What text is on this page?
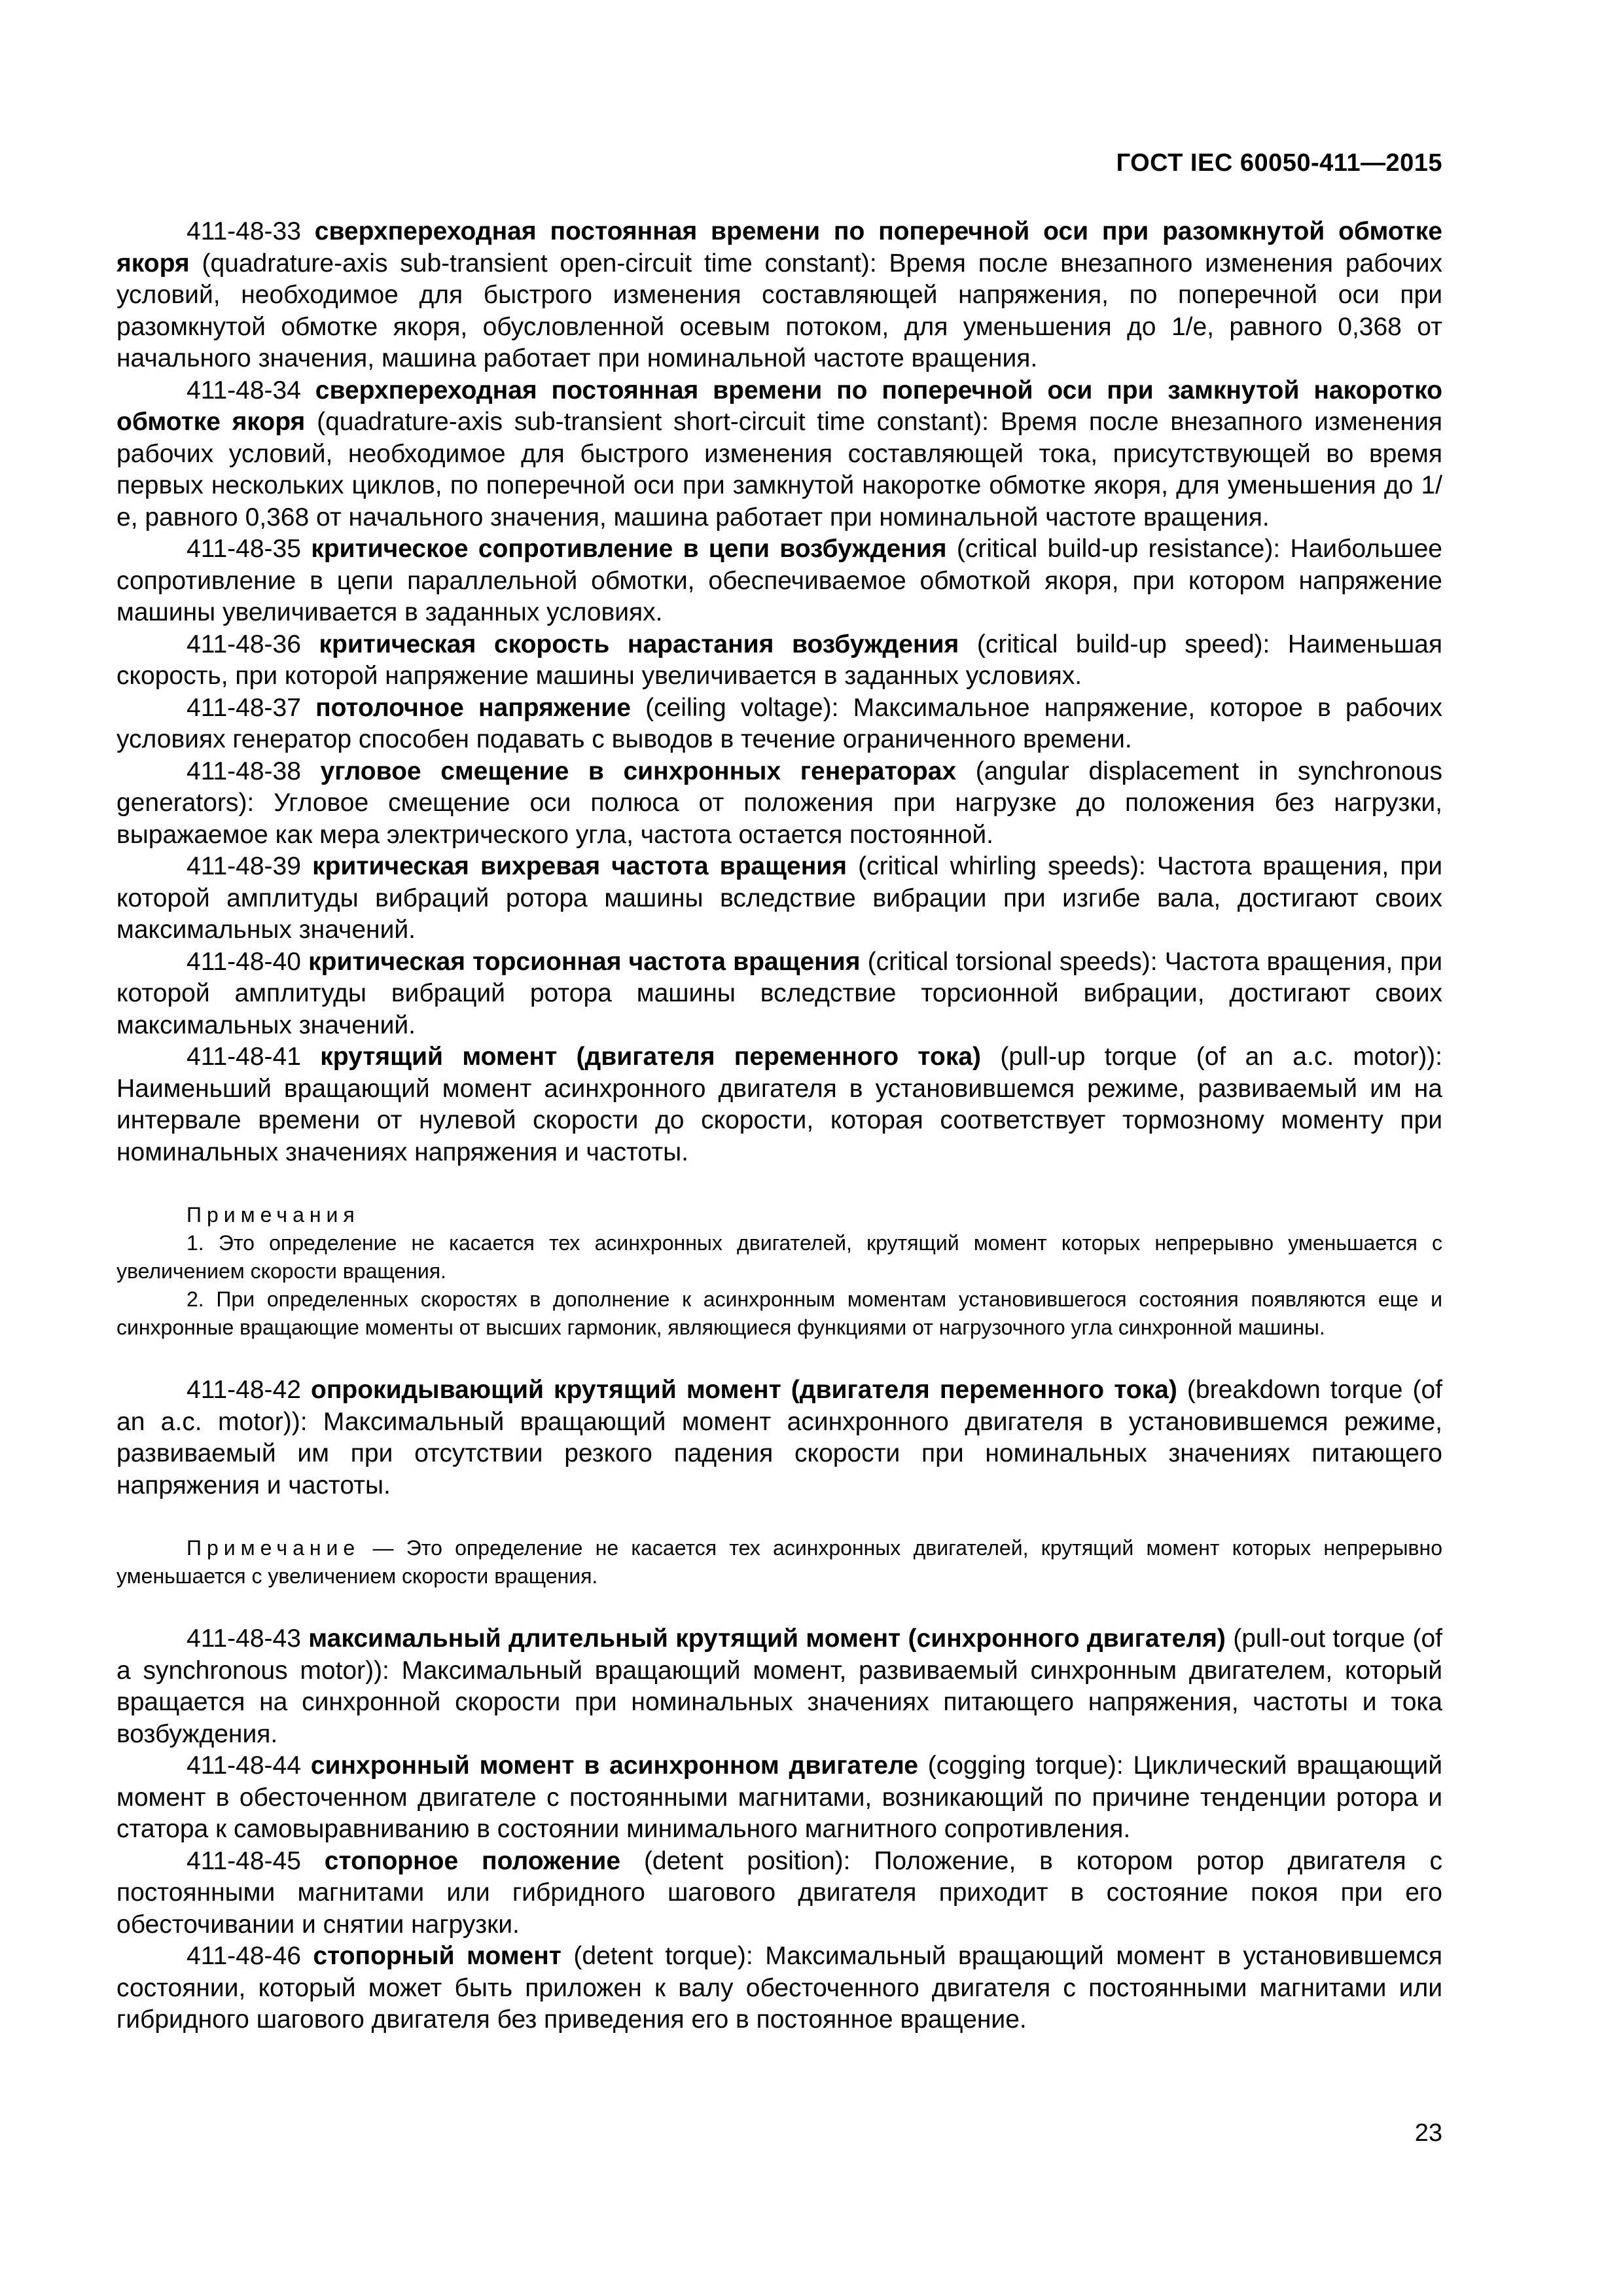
ГОСТ IEC 60050-411—2015

411-48-33 сверхпереходная постоянная времени по поперечной оси при разомкнутой обмотке якоря (quadrature-axis sub-transient open-circuit time constant): Время после внезапного изменения рабочих условий, необходимое для быстрого изменения составляющей напряжения, по поперечной оси при разомкнутой обмотке якоря, обусловленной осевым потоком, для уменьшения до 1/е, равного 0,368 от начального значения, машина работает при номинальной частоте вращения.

411-48-34 сверхпереходная постоянная времени по поперечной оси при замкнутой накоротко обмотке якоря (quadrature-axis sub-transient short-circuit time constant): Время после внезапного изменения рабочих условий, необходимое для быстрого изменения составляющей тока, присутствующей во время первых нескольких циклов, по поперечной оси при замкнутой накоротке обмотке якоря, для уменьшения до 1/е, равного 0,368 от начального значения, машина работает при номинальной частоте вращения.

411-48-35 критическое сопротивление в цепи возбуждения (critical build-up resistance): Наибольшее сопротивление в цепи параллельной обмотки, обеспечиваемое обмоткой якоря, при котором напряжение машины увеличивается в заданных условиях.

411-48-36 критическая скорость нарастания возбуждения (critical build-up speed): Наименьшая скорость, при которой напряжение машины увеличивается в заданных условиях.

411-48-37 потолочное напряжение (ceiling voltage): Максимальное напряжение, которое в рабочих условиях генератор способен подавать с выводов в течение ограниченного времени.

411-48-38 угловое смещение в синхронных генераторах (angular displacement in synchronous generators): Угловое смещение оси полюса от положения при нагрузке до положения без нагрузки, выражаемое как мера электрического угла, частота остается постоянной.

411-48-39 критическая вихревая частота вращения (critical whirling speeds): Частота вращения, при которой амплитуды вибраций ротора машины вследствие вибрации при изгибе вала, достигают своих максимальных значений.

411-48-40 критическая торсионная частота вращения (critical torsional speeds): Частота вращения, при которой амплитуды вибраций ротора машины вследствие торсионной вибрации, достигают своих максимальных значений.

411-48-41 крутящий момент (двигателя переменного тока) (pull-up torque (of an a.c. motor)): Наименьший вращающий момент асинхронного двигателя в установившемся режиме, развиваемый им на интервале времени от нулевой скорости до скорости, которая соответствует тормозному моменту при номинальных значениях напряжения и частоты.

Примечания

1. Это определение не касается тех асинхронных двигателей, крутящий момент которых непрерывно уменьшается с увеличением скорости вращения.

2. При определенных скоростях в дополнение к асинхронным моментам установившегося состояния появляются еще и синхронные вращающие моменты от высших гармоник, являющиеся функциями от нагрузочного угла синхронной машины.

411-48-42 опрокидывающий крутящий момент (двигателя переменного тока) (breakdown torque (of an a.c. motor)): Максимальный вращающий момент асинхронного двигателя в установившемся режиме, развиваемый им при отсутствии резкого падения скорости при номинальных значениях питающего напряжения и частоты.

Примечание — Это определение не касается тех асинхронных двигателей, крутящий момент которых непрерывно уменьшается с увеличением скорости вращения.

411-48-43 максимальный длительный крутящий момент (синхронного двигателя) (pull-out torque (of a synchronous motor)): Максимальный вращающий момент, развиваемый синхронным двигателем, который вращается на синхронной скорости при номинальных значениях питающего напряжения, частоты и тока возбуждения.

411-48-44 синхронный момент в асинхронном двигателе (cogging torque): Циклический вращающий момент в обесточенном двигателе с постоянными магнитами, возникающий по причине тенденции ротора и статора к самовыравниванию в состоянии минимального магнитного сопротивления.

411-48-45 стопорное положение (detent position): Положение, в котором ротор двигателя с постоянными магнитами или гибридного шагового двигателя приходит в состояние покоя при его обесточивании и снятии нагрузки.

411-48-46 стопорный момент (detent torque): Максимальный вращающий момент в установившемся состоянии, который может быть приложен к валу обесточенного двигателя с постоянными магнитами или гибридного шагового двигателя без приведения его в постоянное вращение.

23
